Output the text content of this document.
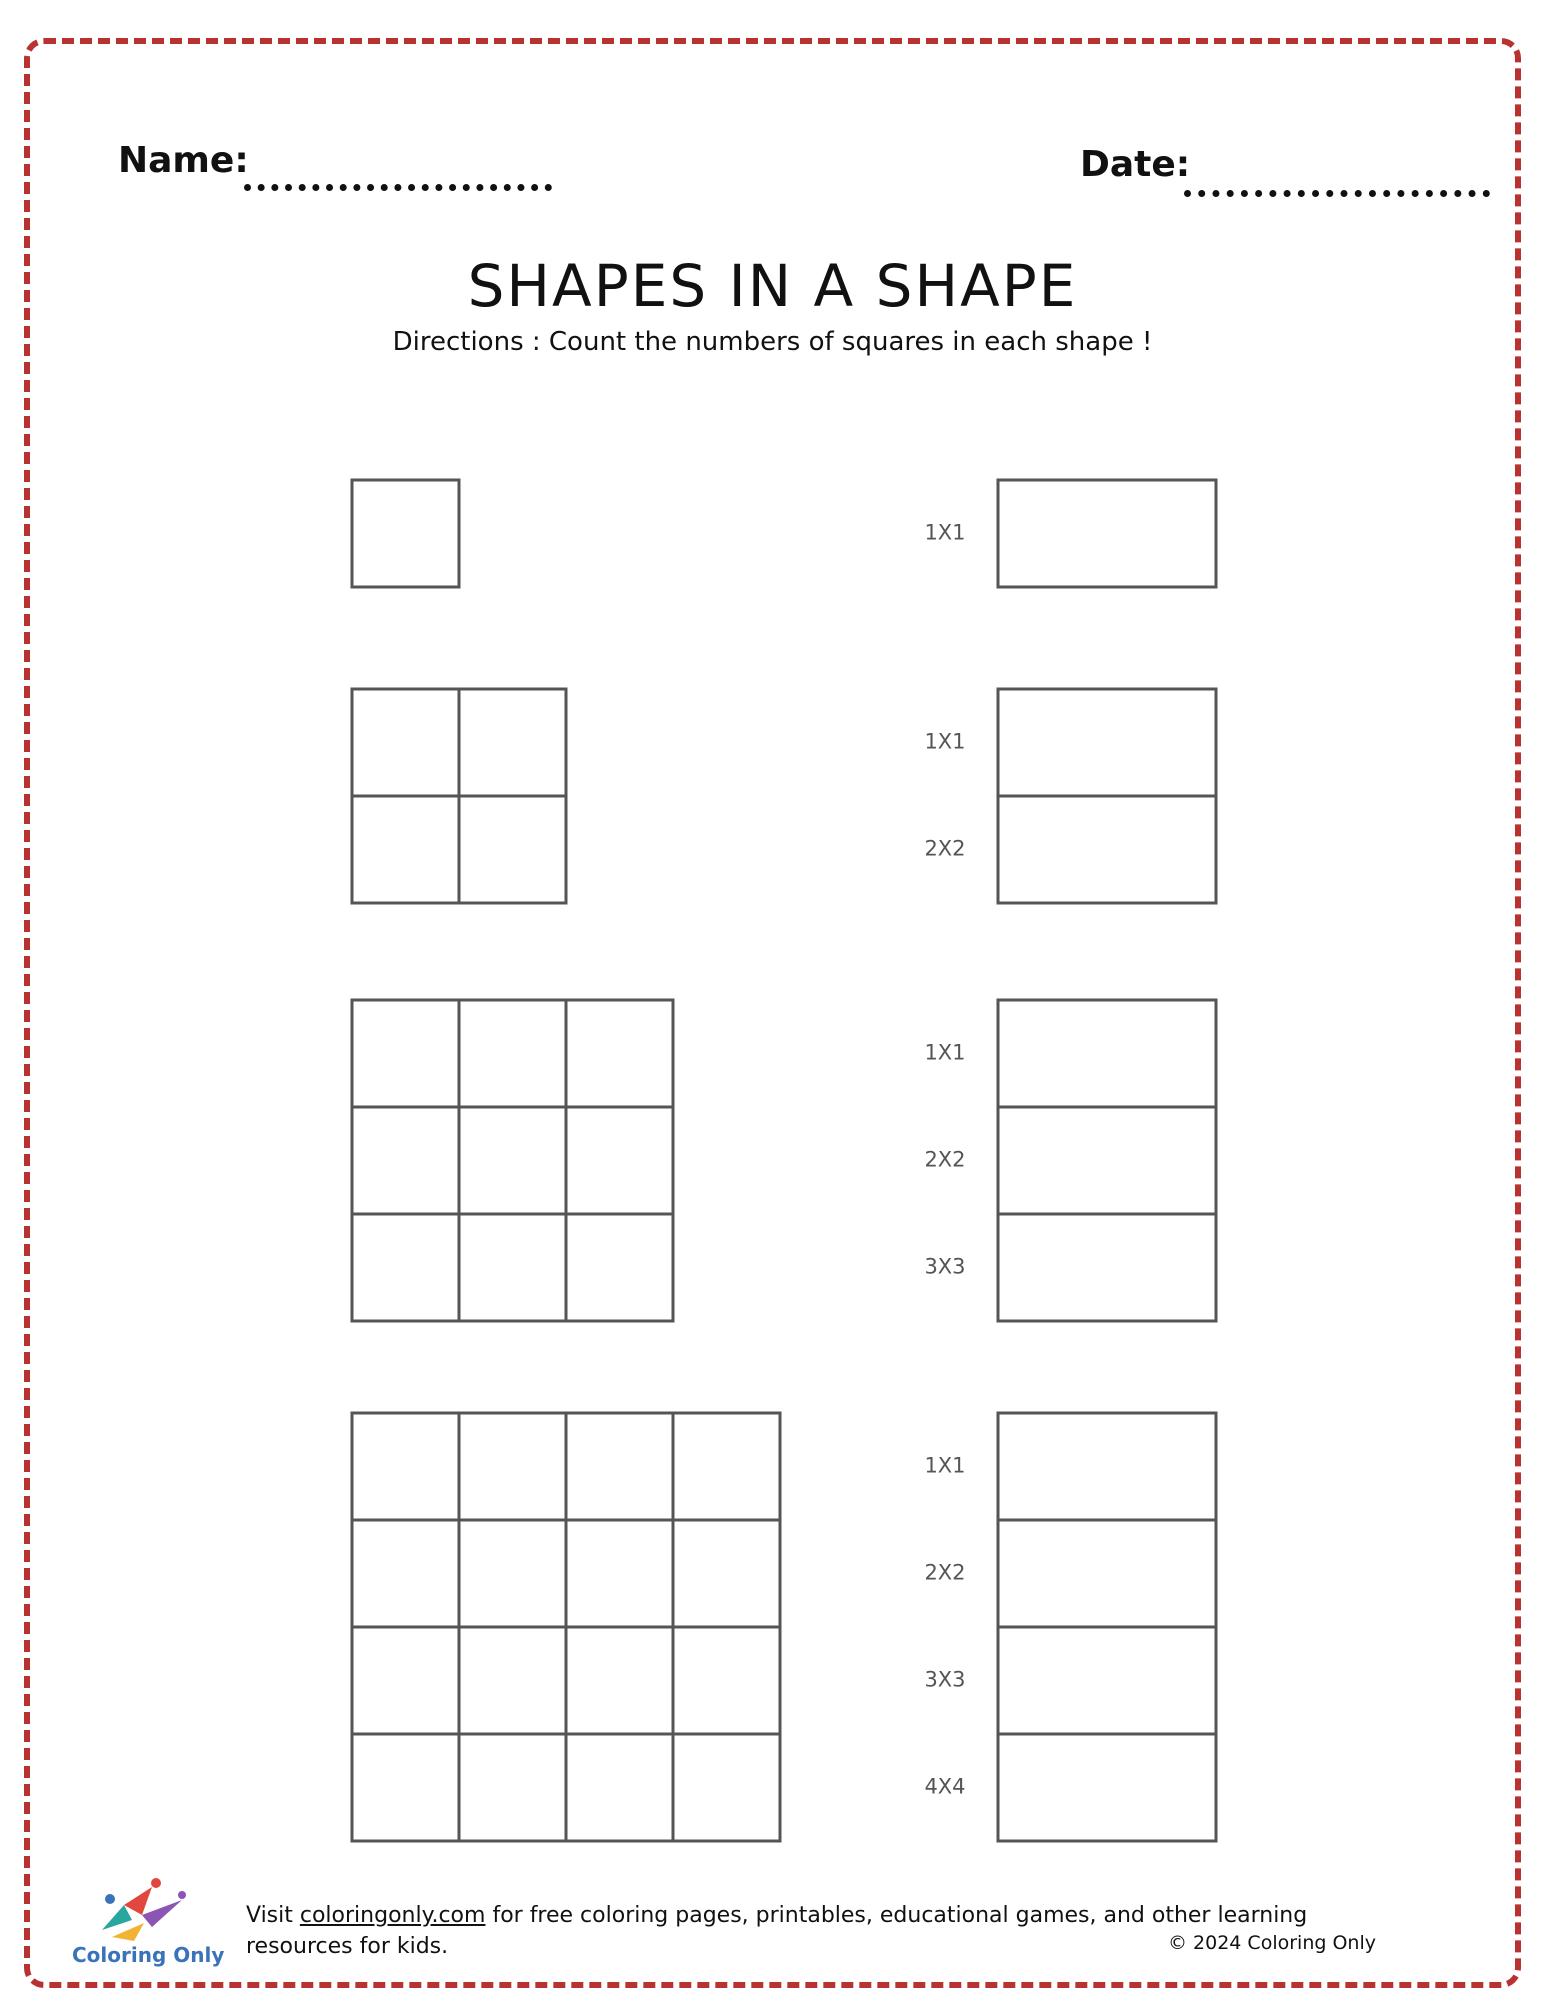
Name:	Date:
SHAPES IN A SHAPE
Directions : Count the numbers of squares in each shape !
1X1
1X1
2X2
1X1
2X2
3X3
1X1
2X2
3X3
4X4
Coloring Only
Visit coloringonly.com for free coloring pages, printables, educational games, and other learning resources for kids.	© 2024 Coloring Only
